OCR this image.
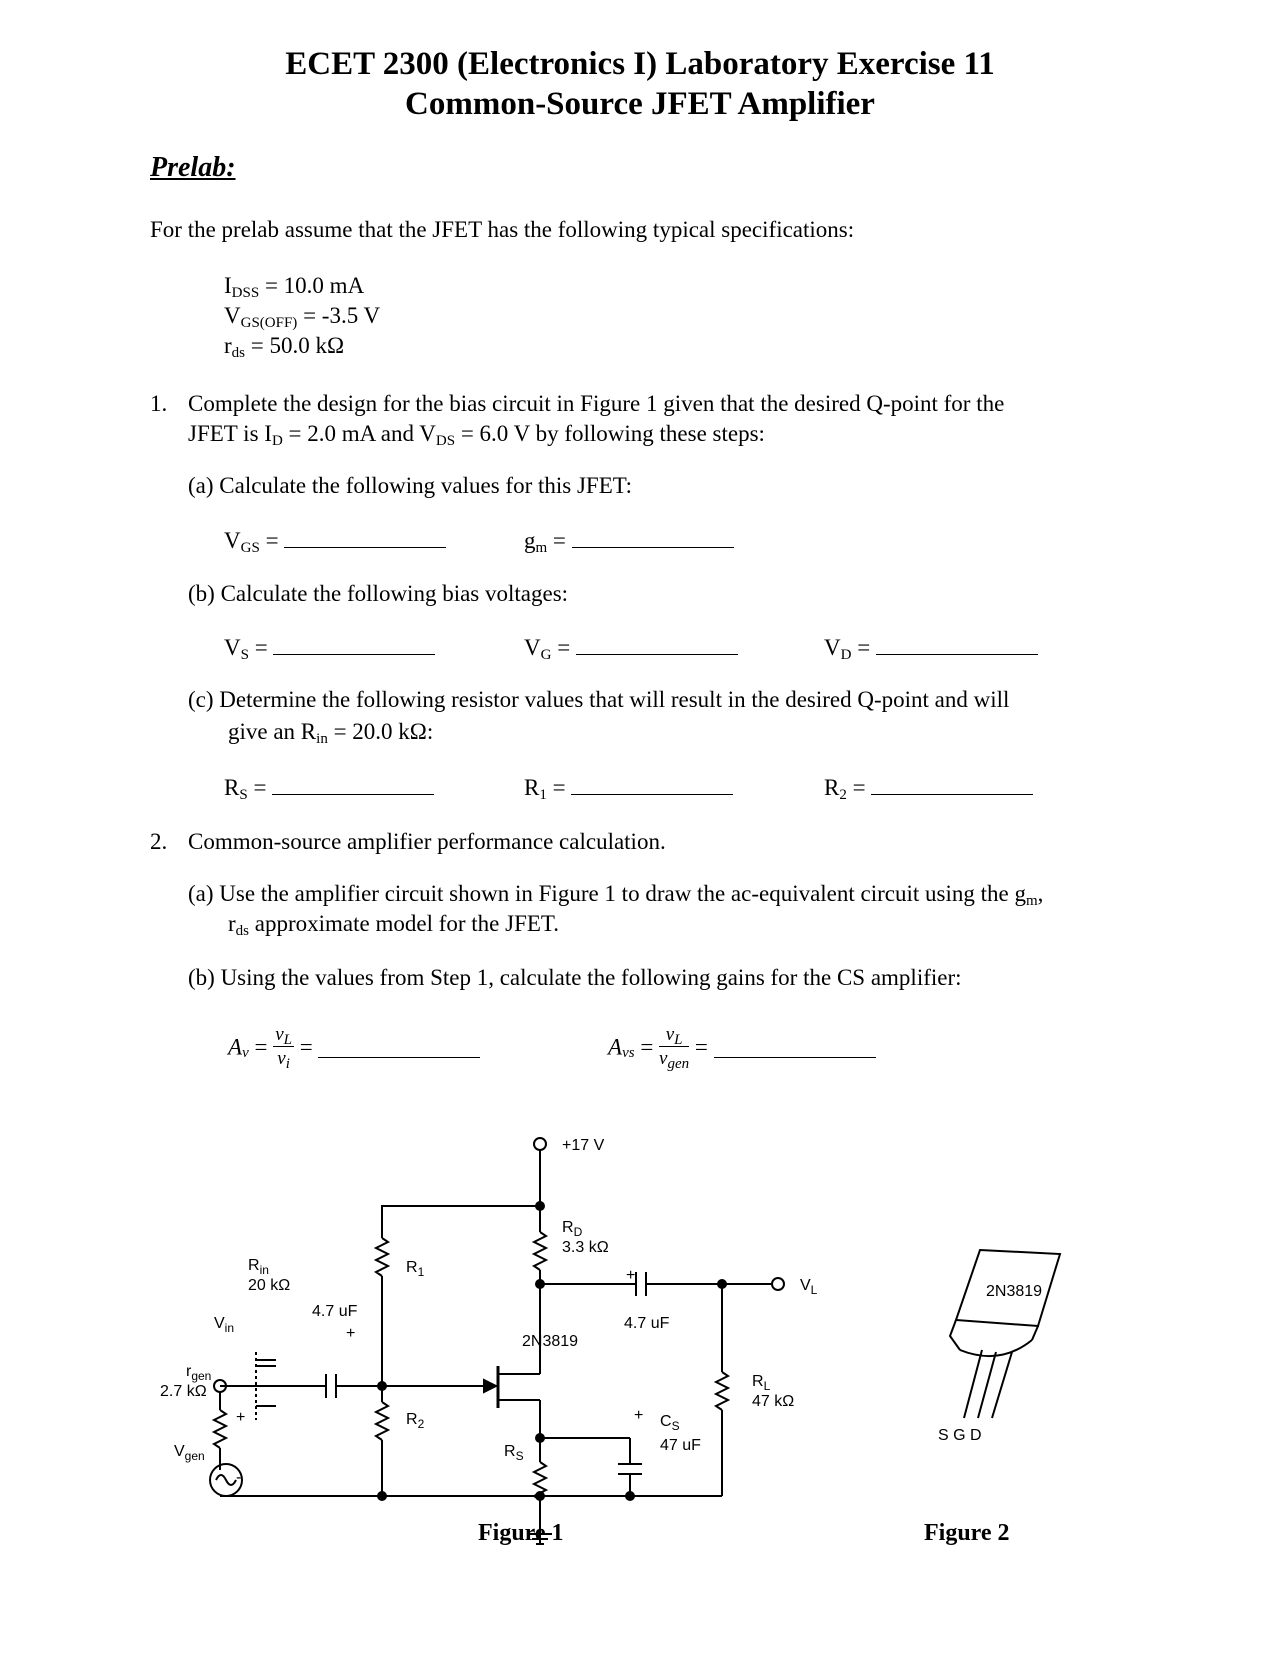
ECET 2300 (Electronics I) Laboratory Exercise 11
Common-Source JFET Amplifier
Prelab:
For the prelab assume that the JFET has the following typical specifications:
$I_{DSS} = 10.0$ mA
$V_{GS(OFF)} = -3.5$ V
$r_{ds} = 50.0$ kΩ
1. Complete the design for the bias circuit in Figure 1 given that the desired Q-point for the
JFET is $I_D = 2.0$ mA and $V_{DS} = 6.0$ V by following these steps:
(a) Calculate the following values for this JFET:
$V_{GS}$ =	$g_m$ =
(b) Calculate the following bias voltages:
$V_S$ =	$V_G$ =	$V_D$ =
(c) Determine the following resistor values that will result in the desired Q-point and will
give an $R_{in} = 20.0$ kΩ:
$R_S$ =	$R_1$ =	$R_2$ =
2. Common-source amplifier performance calculation.
(a) Use the amplifier circuit shown in Figure 1 to draw the ac-equivalent circuit using the $g_m$,
$r_{ds}$ approximate model for the JFET.
(b) Using the values from Step 1, calculate the following gains for the CS amplifier:
$A_v = \frac{v_L}{v_i}$ =	$A_{vs} = \frac{v_L}{v_{gen}}$ =
+17 V
$R_D$
3.3 kΩ
$R_1$
$R_2$
$R_S$
$R_{in}$
20 kΩ
4.7 uF
+
4.7 uF
+
2N3819
$V_L$
$V_{in}$
$r_{gen}$
2.7 kΩ
+
-
$V_{gen}$
$R_L$
47 kΩ
$C_S$
47 uF
+
2N3819
S G D
Figure 1	Figure 2
